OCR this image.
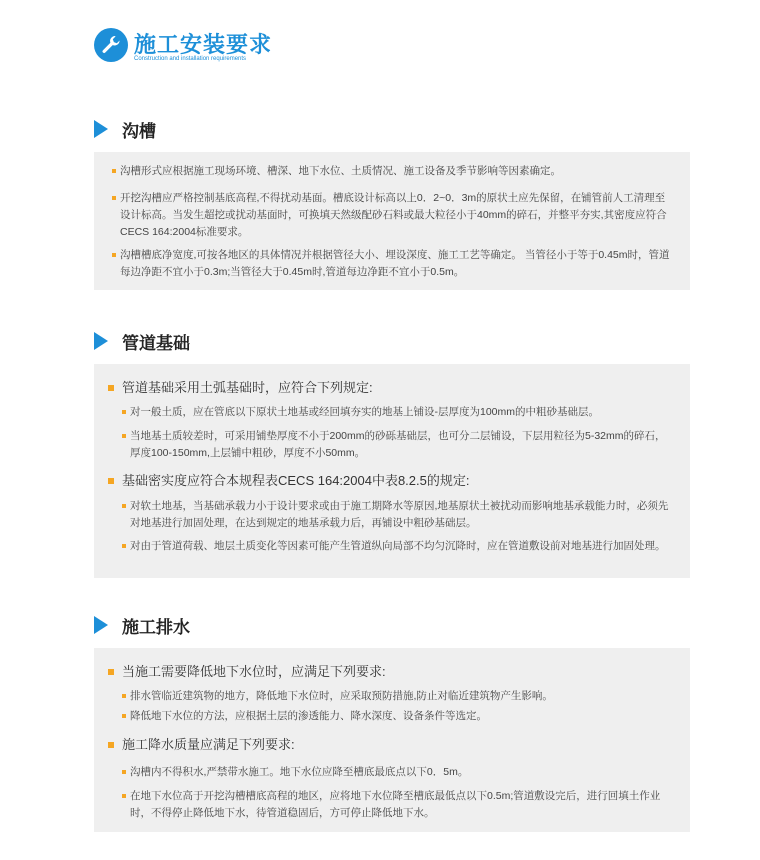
施工安装要求
Construction and installation requirements
沟槽
沟槽形式应根据施工现场环境、槽深、地下水位、土质情况、施工设备及季节影响等因素确定。
开挖沟槽应严格控制基底高程,不得扰动基面。槽底设计标高以上0．2~0．3m的原状土应先保留，在铺管前人工清理至设计标高。当发生超挖或扰动基面时，可换填天然级配砂石料或最大粒径小于40mm的碎石，并整平夯实,其密度应符合CECS 164:2004标准要求。
沟槽槽底净宽度,可按各地区的具体情况并根据管径大小、埋设深度、施工工艺等确定。 当管径小于等于0.45m时，管道每边净距不宜小于0.3m;当管径大于0.45m时,管道每边净距不宜小于0.5m。
管道基础
管道基础采用土弧基础时，应符合下列规定:
对一般土质，应在管底以下原状土地基或经回填夯实的地基上铺设-层厚度为100mm的中粗砂基础层。
当地基土质较差时，可采用铺垫厚度不小于200mm的砂砾基础层，也可分二层铺设，下层用粒径为5-32mm的碎石，厚度100-150mm,上层铺中粗砂，厚度不小50mm。
基础密实度应符合本规程表CECS 164:2004中表8.2.5的规定:
对软土地基，当基础承载力小于设计要求或由于施工期降水等原因,地基原状土被扰动而影响地基承载能力时，必须先对地基进行加固处理，在达到规定的地基承载力后，再铺设中粗砂基础层。
对由于管道荷载、地层土质变化等因素可能产生管道纵向局部不均匀沉降时，应在管道敷设前对地基进行加固处理。
施工排水
当施工需要降低地下水位时，应满足下列要求:
排水管临近建筑物的地方，降低地下水位时，应采取预防措施,防止对临近建筑物产生影响。
降低地下水位的方法，应根据土层的渗透能力、降水深度、设备条件等选定。
施工降水质量应满足下列要求:
沟槽内不得积水,严禁带水施工。地下水位应降至槽底最底点以下0．5m。
在地下水位高于开挖沟槽槽底高程的地区，应将地下水位降至槽底最低点以下0.5m;管道敷设完后，进行回填土作业时，不得停止降低地下水，待管道稳固后，方可停止降低地下水。
